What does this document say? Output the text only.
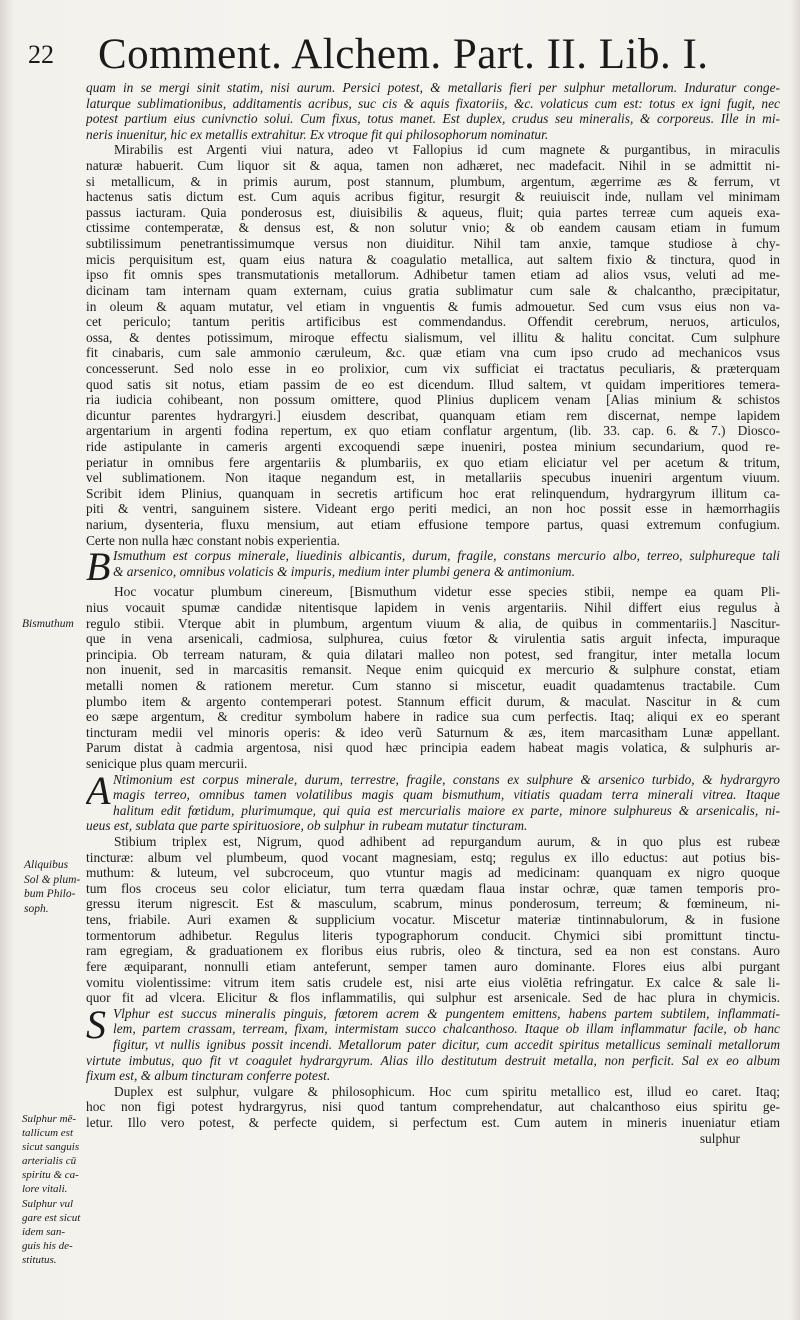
22 Comment. Alchem. Part. II. Lib. I.
quam in se mergi sinit statim, nisi aurum. Persici potest, & metallaris fieri per sulphur metallorum. Induratur conge-
laturque sublimationibus, additamentis acribus, suc cis & aquis fixatoriis, &c. volaticus cum est: totus ex igni fugit, nec
potest partium eius cunivnctio solui. Cum fixus, totus manet. Est duplex, crudus seu mineralis, & corporeus. Ille in mi-
neris inuenitur, hic ex metallis extrahitur. Ex vtroque fit qui philosophorum nominatur.
Mirabilis est Argenti viui natura, adeo vt Fallopius id cum magnete & purgantibus, in miraculis
naturæ habuerit. Cum liquor sit & aqua, tamen non adhæret, nec madefacit. Nihil in se admittit ni-
si metallicum, & in primis aurum, post stannum, plumbum, argentum, ægerrime æs & ferrum, vt
hactenus satis dictum est. Cum aquis acribus figitur, resurgit & reuiuiscit inde, nullam vel minimam
passus iacturam. Quia ponderosus est, diuisibilis & aqueus, fluit; quia partes terreæ cum aqueis exa-
ctissime contemperatæ, & densus est, & non solutur vnio; & ob eandem causam etiam in fumum
subtilissimum penetrantissimumque versus non diuiditur. Nihil tam anxie, tamque studiose à chy-
micis perquisitum est, quam eius natura & coagulatio metallica, aut saltem fixio & tinctura, quod in
ipso fit omnis spes transmutationis metallorum. Adhibetur tamen etiam ad alios vsus, veluti ad me-
dicinam tam internam quam externam, cuius gratia sublimatur cum sale & chalcantho, præcipitatur,
in oleum & aquam mutatur, vel etiam in vnguentis & fumis admouetur. Sed cum vsus eius non va-
cet periculo; tantum peritis artificibus est commendandus. Offendit cerebrum, neruos, articulos,
ossa, & dentes potissimum, miroque effectu sialismum, vel illitu & halitu concitat. Cum sulphure
fit cinabaris, cum sale ammonio cæruleum, &c. quæ etiam vna cum ipso crudo ad mechanicos vsus
concesserunt. Sed nolo esse in eo prolixior, cum vix sufficiat ei tractatus peculiaris, & præterquam
quod satis sit notus, etiam passim de eo est dicendum. Illud saltem, vt quidam imperitiores temera-
ria iudicia cohibeant, non possum omittere, quod Plinius duplicem venam [Alias minium & schistos
dicuntur parentes hydrargyri.] eiusdem describat, quanquam etiam rem discernat, nempe lapidem
argentarium in argenti fodina repertum, ex quo etiam conflatur argentum, (lib. 33. cap. 6. & 7.) Diosco-
ride astipulante in cameris argenti excoquendi sæpe inueniri, postea minium secundarium, quod re-
periatur in omnibus fere argentariis & plumbariis, ex quo etiam eliciatur vel per acetum & tritum,
vel sublimationem. Non itaque negandum est, in metallariis specubus inueniri argentum viuum.
Scribit idem Plinius, quanquam in secretis artificum hoc erat relinquendum, hydrargyrum illitum ca-
piti & ventri, sanguinem sistere. Videant ergo periti medici, an non hoc possit esse in hæmorrhagiis
narium, dysenteria, fluxu mensium, aut etiam effusione tempore partus, quasi extremum confugium.
Certe non nulla hæc constant nobis experientia.
B Ismuthum est corpus minerale, liuedinis albicantis, durum, fragile, constans mercurio albo, terreo, sulphureque tali
& arsenico, omnibus volaticis & impuris, medium inter plumbi genera & antimonium.
Hoc vocatur plumbum cinereum, [Bismuthum videtur esse species stibii, nempe ea quam Pli-
nius vocauit spumæ candidæ nitentisque lapidem in venis argentariis. Nihil differt eius regulus à
regulo stibii. Vterque abit in plumbum, argentum viuum & alia, de quibus in commentariis.] Nascitur-
que in vena arsenicali, cadmiosa, sulphurea, cuius fœtor & virulentia satis arguit infecta, impuraque
principia. Ob terream naturam, & quia dilatari malleo non potest, sed frangitur, inter metalla locum
non inuenit, sed in marcasitis remansit. Neque enim quicquid ex mercurio & sulphure constat, etiam
metalli nomen & rationem meretur. Cum stanno si miscetur, euadit quadamtenus tractabile. Cum
plumbo item & argento contemperari potest. Stannum efficit durum, & maculat. Nascitur in & cum
eo sæpe argentum, & creditur symbolum habere in radice sua cum perfectis. Itaq; aliqui ex eo sperant
tincturam medii vel minoris operis: & ideo verũ Saturnum & æs, item marcasitham Lunæ appellant.
Parum distat à cadmia argentosa, nisi quod hæc principia eadem habeat magis volatica, & sulphuris ar-
senicique plus quam mercurii.
A Ntimonium est corpus minerale, durum, terrestre, fragile, constans ex sulphure & arsenico turbido, & hydrargyro
magis terreo, omnibus tamen volatilibus magis quam bismuthum, vitiatis quadam terra minerali vitrea. Itaque
halitum edit fœtidum, plurimumque, qui quia est mercurialis maiore ex parte, minore sulphureus & arsenicalis, ni-
ueus est, sublata que parte spirituosiore, ob sulphur in rubeam mutatur tincturam.
Stibium triplex est, Nigrum, quod adhibent ad repurgandum aurum, & in quo plus est rubeæ
tincturæ: album vel plumbeum, quod vocant magnesiam, estq; regulus ex illo eductus: aut potius bis-
muthum: & luteum, vel subcroceum, quo vtuntur magis ad medicinam: quanquam ex nigro quoque
tum flos croceus seu color eliciatur, tum terra quædam flaua instar ochræ, quæ tamen temporis pro-
gressu iterum nigrescit. Est & masculum, scabrum, minus ponderosum, terreum; & fœmineum, ni-
tens, friabile. Auri examen & supplicium vocatur. Miscetur materiæ tintinnabulorum, & in fusione
tormentorum adhibetur. Regulus literis typographorum conducit. Chymici sibi promittunt tinctu-
ram egregiam, & graduationem ex floribus eius rubris, oleo & tinctura, sed ea non est constans. Auro
fere æquiparant, nonnulli etiam anteferunt, semper tamen auro dominante. Flores eius albi purgant
vomitu violentissime: vitrum item satis crudele est, nisi arte eius violētia refringatur. Ex calce & sale li-
quor fit ad vlcera. Elicitur & flos inflammatilis, qui sulphur est arsenicale. Sed de hac plura in chymicis.
S Vlphur est succus mineralis pinguis, fœtorem acrem & pungentem emittens, habens partem subtilem, inflammati-
lem, partem crassam, terream, fixam, intermistam succo chalcanthoso. Itaque ob illam inflammatur facile, ob hanc
figitur, vt nullis ignibus possit incendi. Metallorum pater dicitur, cum accedit spiritus metallicus seminali metallorum
virtute imbutus, quo fit vt coagulet hydrargyrum. Alias illo destitutum destruit metalla, non perficit. Sal ex eo album
fixum est, & album tincturam conferre potest.
Duplex est sulphur, vulgare & philosophicum. Hoc cum spiritu metallico est, illud eo caret. Itaq;
hoc non figi potest hydrargyrus, nisi quod tantum comprehendatur, aut chalcanthoso eius spiritu ge-
letur. Illo vero potest, & perfecte quidem, si perfectum est. Cum autem in mineris inueniatur etiam
sulphur
Bismuthum
Aliquibus Sol & plum- bum Philo- soph.
Sulphur mē- tallicum est sicut sanguis arterialis cū spiritu & ca- lore vitali. Sulphur vul gare est sicut idem san- guis his de- stitutus.
